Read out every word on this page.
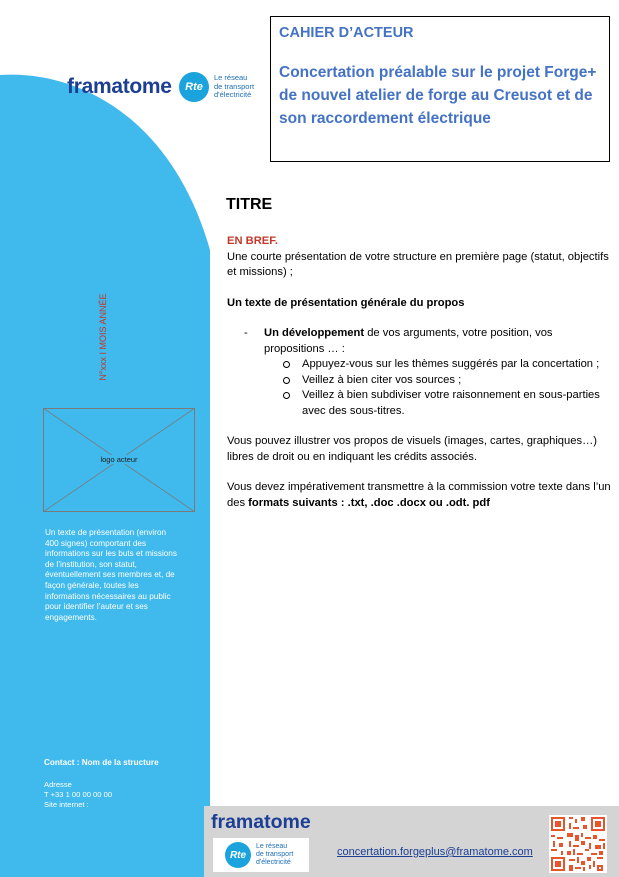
framatome	Rte
Le réseau
de transport
d'électricité

CAHIER D’ACTEUR

Concertation préalable sur le projet Forge+ de nouvel atelier de forge au Creusot et de son raccordement électrique

TITRE

EN BREF.

Une courte présentation de votre structure en première page (statut, objectifs et missions) ;

Un texte de présentation générale du propos

- Un développement de vos arguments, votre position, vos propositions … :
Appuyez-vous sur les thèmes suggérés par la concertation ;
Veillez à bien citer vos sources ;
Veillez à bien subdiviser votre raisonnement en sous-parties avec des sous-titres.

Vous pouvez illustrer vos propos de visuels (images, cartes, graphiques…) libres de droit ou en indiquant les crédits associés.

Vous devez impérativement transmettre à la commission votre texte dans l’un des formats suivants : .txt, .doc .docx ou .odt. pdf

N°xxx I MOIS ANNÉE
logo acteur
Un texte de présentation (environ 400 signes) comportant des informations sur les buts et missions de l’institution, son statut, éventuellement ses membres et, de façon générale, toutes les informations nécessaires au public pour identifier l’auteur et ses engagements.
Contact : Nom de la structure
Adresse
T +33 1 00 00 00 00
Site internet :
framatome
Rte
Le réseau
de transport
d'électricité
concertation.forgeplus@framatome.com
